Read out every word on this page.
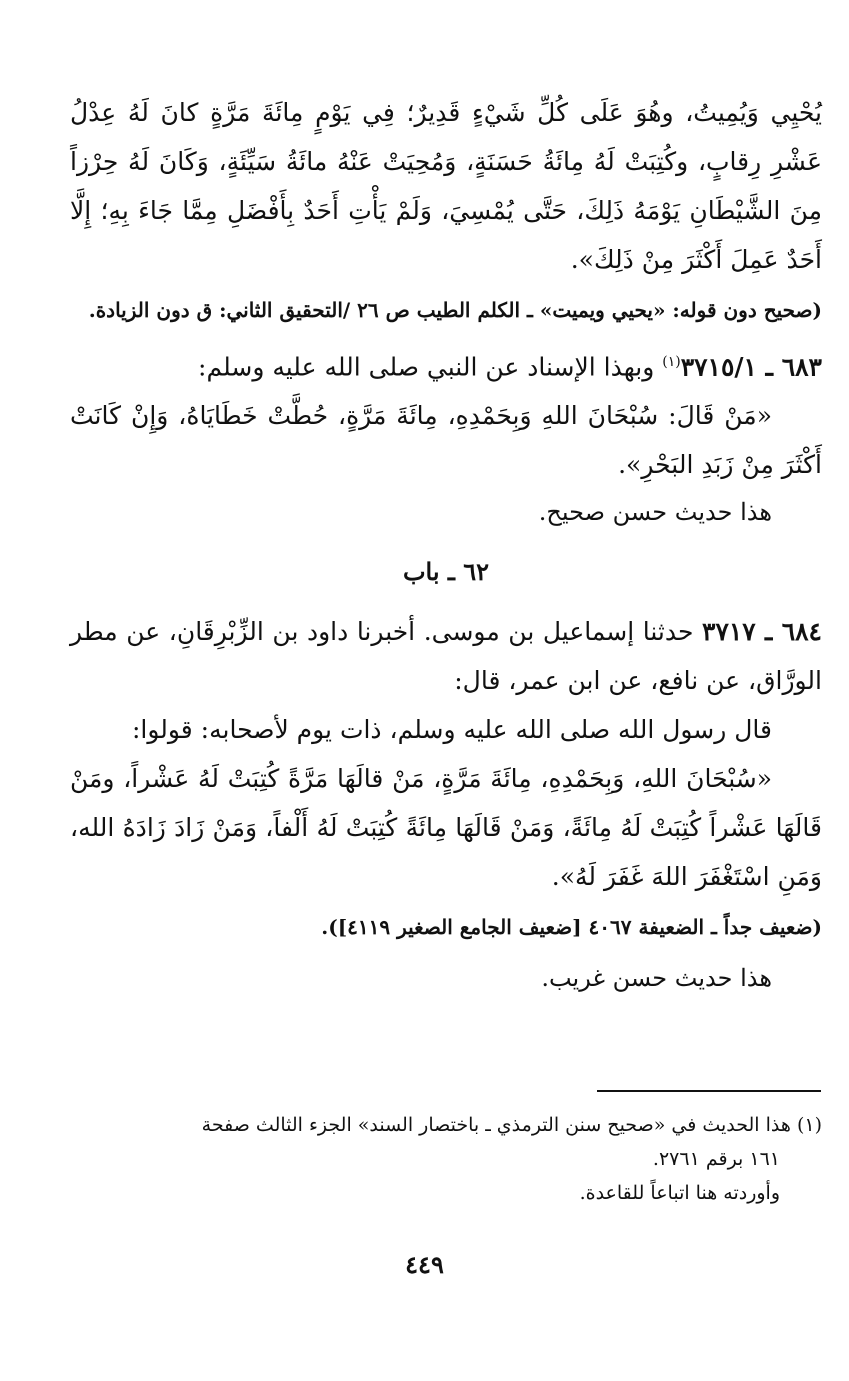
يُحْيِي وَيُمِيتُ، وهُوَ عَلَى كُلِّ شَيْءٍ قَدِيرٌ؛ فِي يَوْمٍ مِائَةَ مَرَّةٍ كانَ لَهُ عِدْلُ عَشْرِ رِقابٍ، وكُتِبَتْ لَهُ مِائَةُ حَسَنَةٍ، وَمُحِيَتْ عَنْهُ مائَةُ سَيِّئَةٍ، وَكَانَ لَهُ حِرْزاً مِنَ الشَّيْطَانِ يَوْمَهُ ذَلِكَ، حَتَّى يُمْسِيَ، وَلَمْ يَأْتِ أَحَدٌ بِأَفْضَلِ مِمَّا جَاءَ بِهِ؛ إِلَّا أَحَدٌ عَمِلَ أَكْثَرَ مِنْ ذَلِكَ».

(صحيح دون قوله: «يحيي ويميت» ـ الكلم الطيب ص ٢٦ /التحقيق الثاني: ق دون الزيادة.

٦٨٣ ـ ٣٧١٥/١$^{(١)}$ وبهذا الإسناد عن النبي صلى الله عليه وسلم:

«مَنْ قَالَ: سُبْحَانَ اللهِ وَبِحَمْدِهِ، مِائَةَ مَرَّةٍ، حُطَّتْ خَطَايَاهُ، وَإِنْ كَانَتْ أَكْثَرَ مِنْ زَبَدِ البَحْرِ».

هذا حديث حسن صحيح.

٦٢ ـ باب

٦٨٤ ـ ٣٧١٧ حدثنا إسماعيل بن موسى. أخبرنا داود بن الزِّبْرِقَانِ، عن مطر الورَّاق، عن نافع، عن ابن عمر، قال:

قال رسول الله صلى الله عليه وسلم، ذات يوم لأصحابه: قولوا:

«سُبْحَانَ اللهِ، وَبِحَمْدِهِ، مِائَةَ مَرَّةٍ، مَنْ قالَهَا مَرَّةً كُتِبَتْ لَهُ عَشْراً، ومَنْ قَالَهَا عَشْراً كُتِبَتْ لَهُ مِائَةً، وَمَنْ قَالَهَا مِائَةً كُتِبَتْ لَهُ أَلْفاً، وَمَنْ زَادَ زَادَهُ الله، وَمَنِ اسْتَغْفَرَ اللهَ غَفَرَ لَهُ».

(ضعيف جداً ـ الضعيفة ٤٠٦٧ [ضعيف الجامع الصغير ٤١١٩]).

هذا حديث حسن غريب.

(١) هذا الحديث في «صحيح سنن الترمذي ـ باختصار السند» الجزء الثالث صفحة

١٦١ برقم ٢٧٦١.

وأوردته هنا اتباعاً للقاعدة.

٤٤٩
